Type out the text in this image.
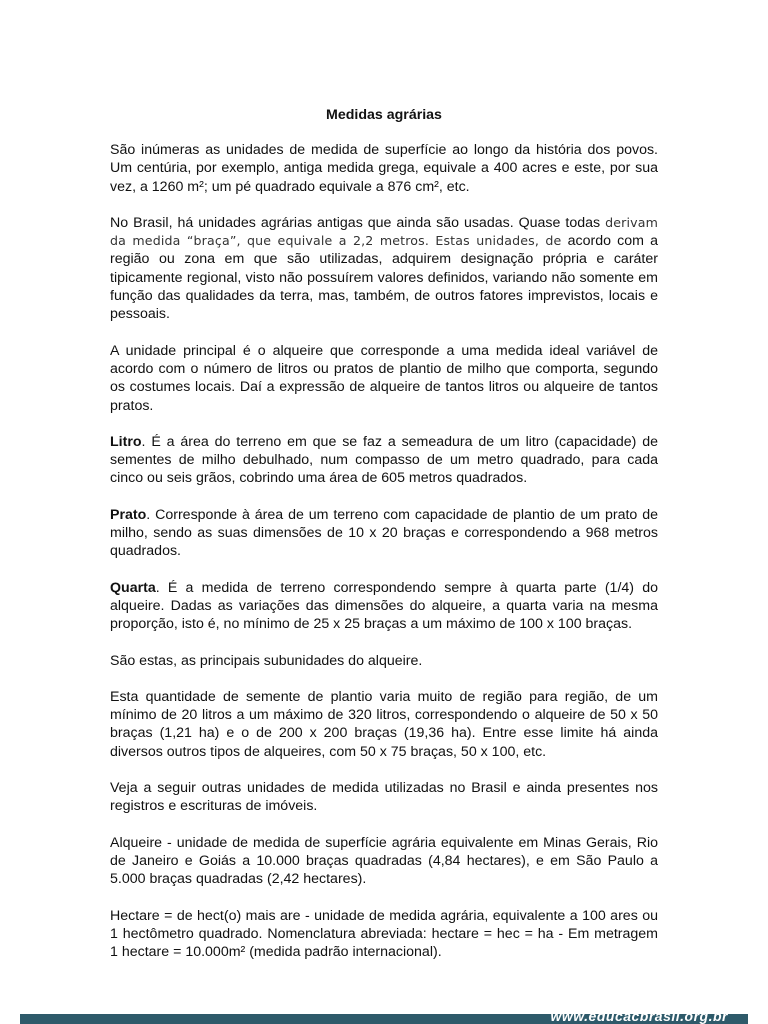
Medidas agrárias

São inúmeras as unidades de medida de superfície ao longo da história dos povos. Um centúria, por exemplo, antiga medida grega, equivale a 400 acres e este, por sua vez, a 1260 m²; um pé quadrado equivale a 876 cm², etc.

No Brasil, há unidades agrárias antigas que ainda são usadas. Quase todas derivam da medida “braça”, que equivale a 2,2 metros. Estas unidades, de acordo com a região ou zona em que são utilizadas, adquirem designação própria e caráter tipicamente regional, visto não possuírem valores definidos, variando não somente em função das qualidades da terra, mas, também, de outros fatores imprevistos, locais e pessoais.

A unidade principal é o alqueire que corresponde a uma medida ideal variável de acordo com o número de litros ou pratos de plantio de milho que comporta, segundo os costumes locais. Daí a expressão de alqueire de tantos litros ou alqueire de tantos pratos.

Litro. É a área do terreno em que se faz a semeadura de um litro (capacidade) de sementes de milho debulhado, num compasso de um metro quadrado, para cada cinco ou seis grãos, cobrindo uma área de 605 metros quadrados.

Prato. Corresponde à área de um terreno com capacidade de plantio de um prato de milho, sendo as suas dimensões de 10 x 20 braças e correspondendo a 968 metros quadrados.

Quarta. É a medida de terreno correspondendo sempre à quarta parte (1/4) do alqueire. Dadas as variações das dimensões do alqueire, a quarta varia na mesma proporção, isto é, no mínimo de 25 x 25 braças a um máximo de 100 x 100 braças.

São estas, as principais subunidades do alqueire.

Esta quantidade de semente de plantio varia muito de região para região, de um mínimo de 20 litros a um máximo de 320 litros, correspondendo o alqueire de 50 x 50 braças (1,21 ha) e o de 200 x 200 braças (19,36 ha). Entre esse limite há ainda diversos outros tipos de alqueires, com 50 x 75 braças, 50 x 100, etc.

Veja a seguir outras unidades de medida utilizadas no Brasil e ainda presentes nos registros e escrituras de imóveis.

Alqueire - unidade de medida de superfície agrária equivalente em Minas Gerais, Rio de Janeiro e Goiás a 10.000 braças quadradas (4,84 hectares), e em São Paulo a 5.000 braças quadradas (2,42 hectares).

Hectare = de hect(o) mais are - unidade de medida agrária, equivalente a 100 ares ou 1 hectômetro quadrado. Nomenclatura abreviada: hectare = hec = ha - Em metragem 1 hectare = 10.000m² (medida padrão internacional).

www.educacbrasil.org.br
